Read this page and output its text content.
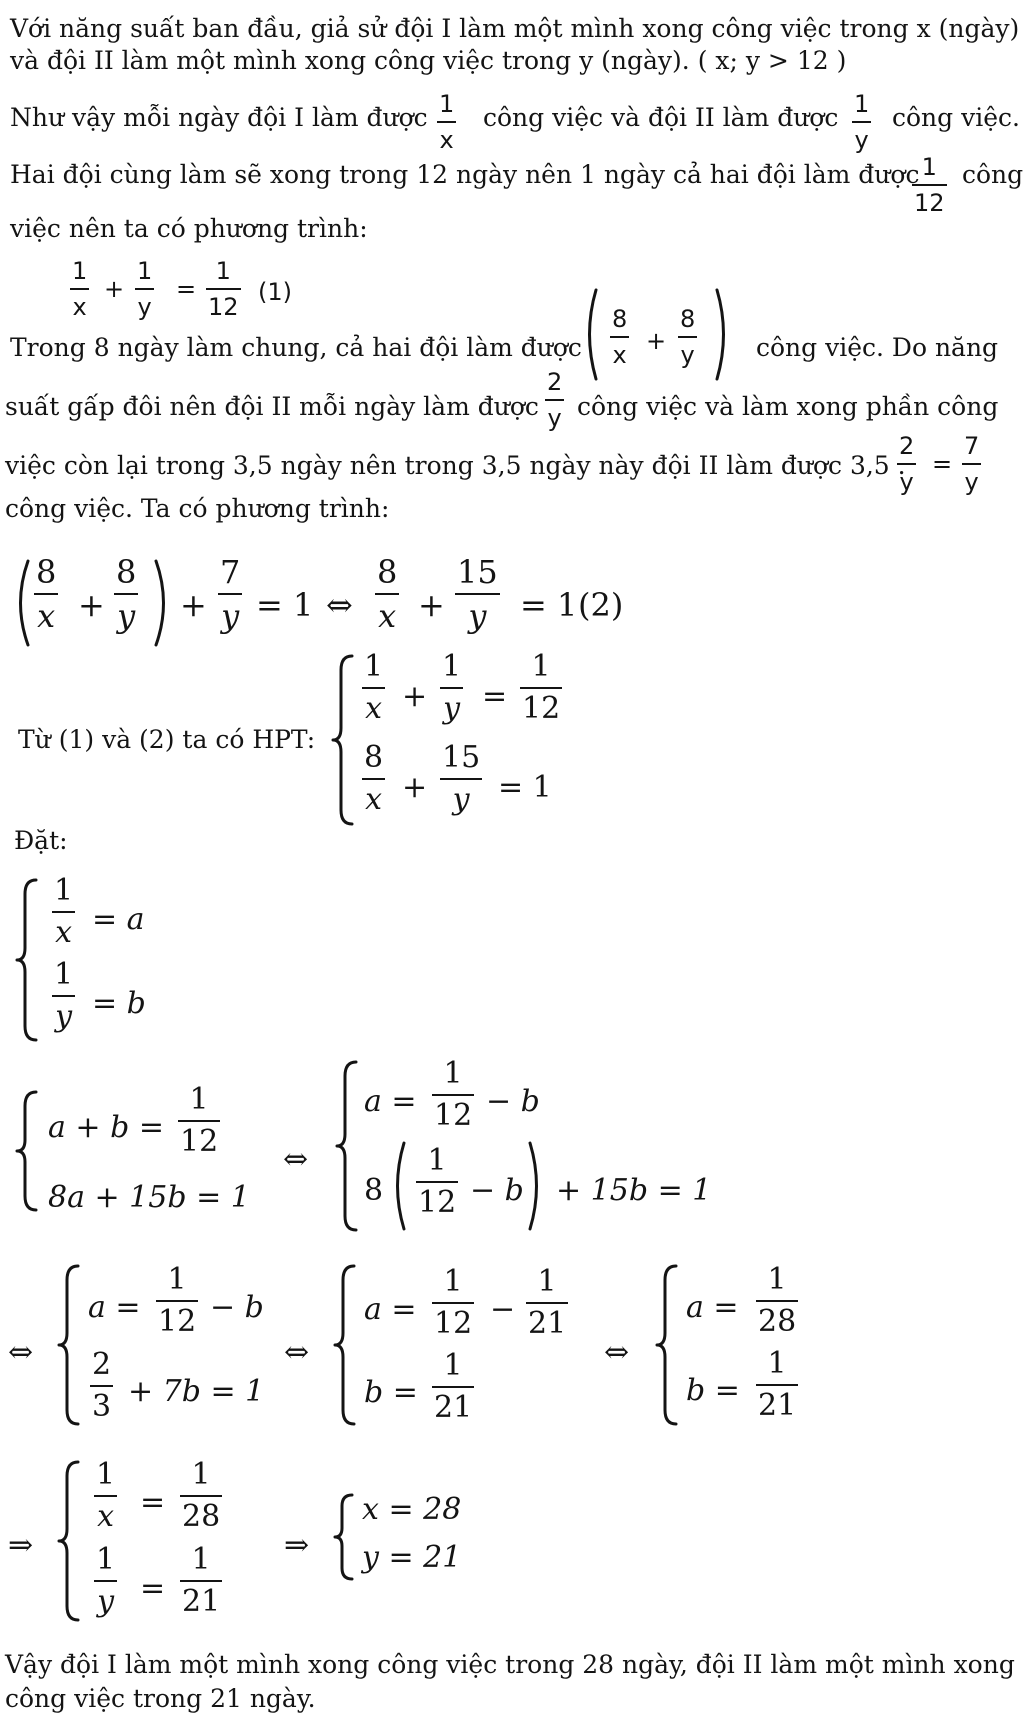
Với năng suất ban đầu, giả sử đội I làm một mình xong công việc trong x (ngày)
và đội II làm một mình xong công việc trong y (ngày). ( x; y > 12 )
Như vậy mỗi ngày đội I làm được 1
x
công việc và đội II làm được 1
y
công việc.
Hai đội cùng làm sẽ xong trong 12 ngày nên 1 ngày cả hai đội làm được 1
12
công
việc nên ta có phương trình:
1
x
+
1
y
=
1
12
(1)
Trong 8 ngày làm chung, cả hai đội làm được
8
x +
8
y công việc. Do năng
suất gấp đôi nên đội II mỗi ngày làm được
2
y công việc và làm xong phần công
việc còn lại trong 3,5 ngày nên trong 3,5 ngày này đội II làm được 3,5 .
2
y
=
7
y
công việc. Ta có phương trình:
8
x +
8
y +
7
y = 1 ⇔
8
x +
15
y = 1 (2)
Từ (1) và (2) ta có HPT:
1
x +
1
y =
1
12
8
x +
15
y = 1
Đặt:
1
x = a
1
y = b
a + b =
1
12
8a + 15b = 1
⇔
a =
1
12 − b
8
1
12 − b + 15b = 1
⇔
a =
1
12 − b
2
3 + 7b = 1
⇔
a =
1
12 −
1
21
b =
1
21
⇔
a =
1
28
b =
1
21
⇒
1
x =
1
28
1
y =
1
21
⇒
x = 28
y = 21
Vậy đội I làm một mình xong công việc trong 28 ngày, đội II làm một mình xong
công việc trong 21 ngày.
